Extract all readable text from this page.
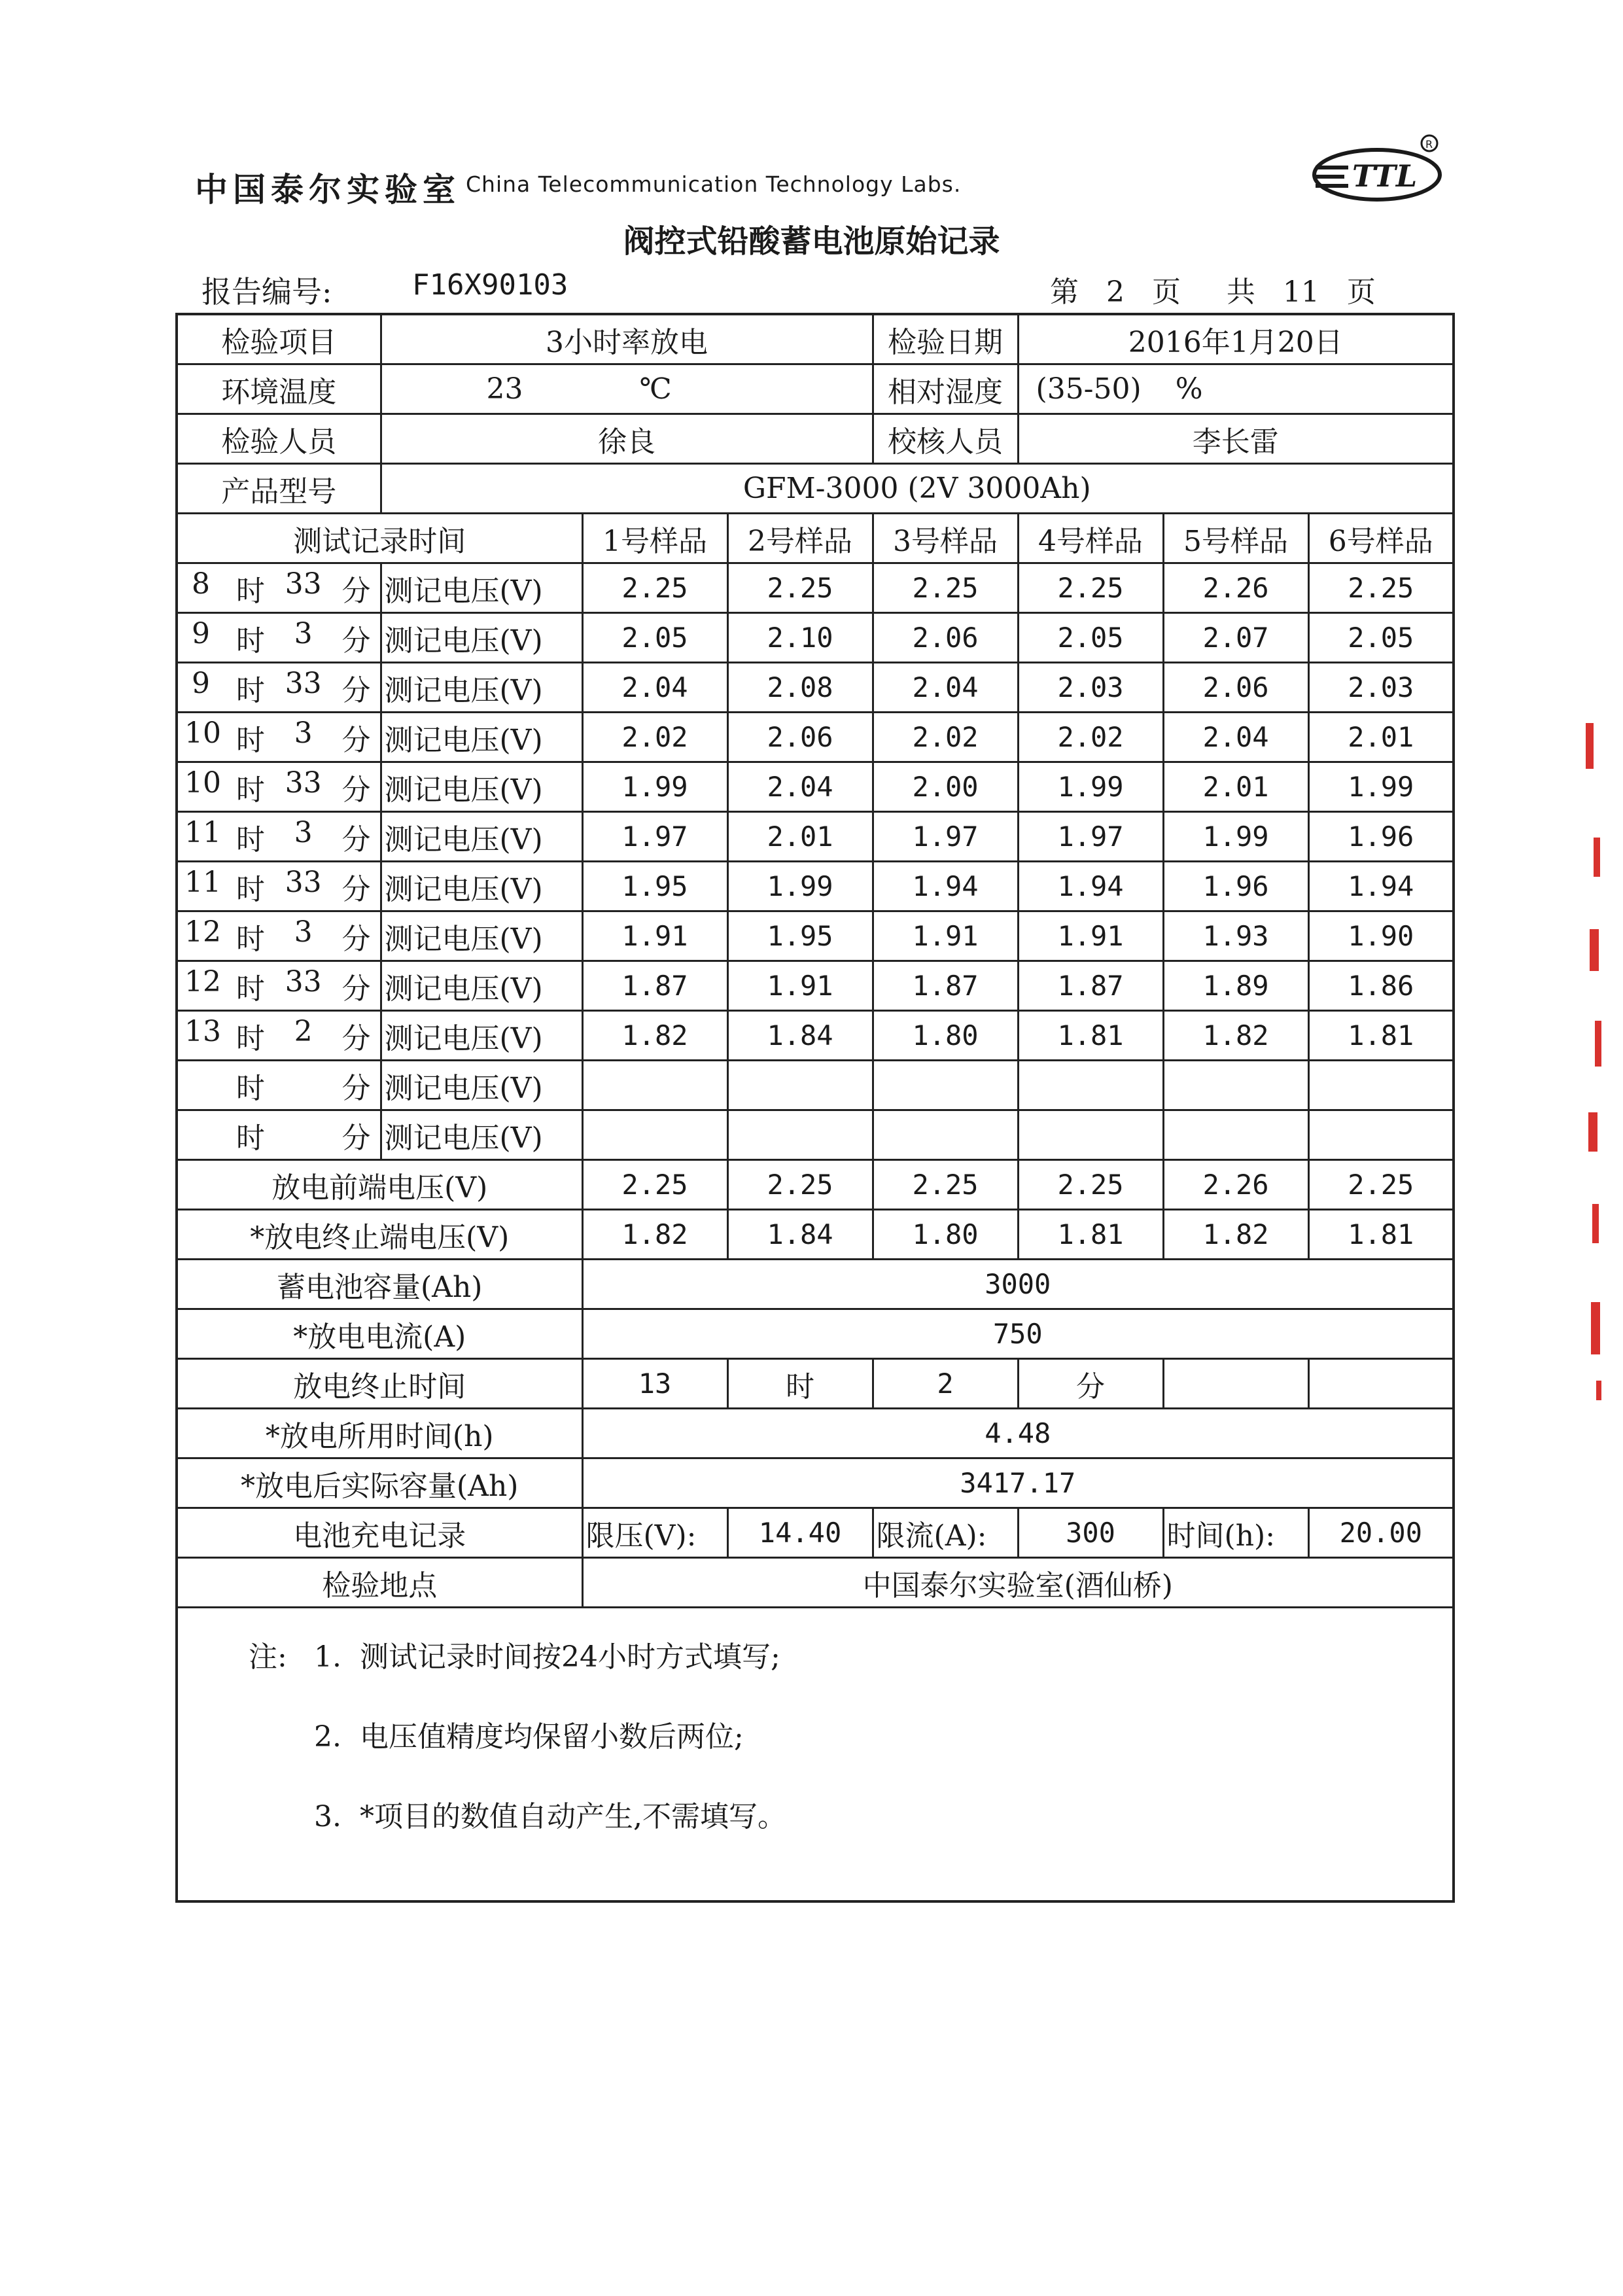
中国泰尔实验室 China Telecommunication Technology Labs.	TTL
R
阀控式铅酸蓄电池原始记录
报告编号:	F16X90103	第 2 页 共 11 页
检验项目	3小时率放电			检验日期	2016年1月20日		
环境温度	23 ℃			相对湿度	(35-50) %		
检验人员	徐良			校核人员	李长雷		
产品型号	GFM-3000 (2V 3000Ah)						
测试记录时间		1号样品	2号样品	3号样品	4号样品	5号样品	6号样品

8 时 33 分	测记电压(V)	2.25	2.25	2.25	2.25	2.26	2.25

9 时 3 分	测记电压(V)	2.05	2.10	2.06	2.05	2.07	2.05

9 时 33 分	测记电压(V)	2.04	2.08	2.04	2.03	2.06	2.03

10 时 3 分	测记电压(V)	2.02	2.06	2.02	2.02	2.04	2.01

10 时 33 分	测记电压(V)	1.99	2.04	2.00	1.99	2.01	1.99

11 时 3 分	测记电压(V)	1.97	2.01	1.97	1.97	1.99	1.96

11 时 33 分	测记电压(V)	1.95	1.99	1.94	1.94	1.96	1.94

12 时 3 分	测记电压(V)	1.91	1.95	1.91	1.91	1.93	1.90

12 时 33 分	测记电压(V)	1.87	1.91	1.87	1.87	1.89	1.86

13 时 2 分	测记电压(V)	1.82	1.84	1.80	1.81	1.82	1.81

时 分	测记电压(V)						

时 分	测记电压(V)						
放电前端电压(V)		2.25	2.25	2.25	2.25	2.26	2.25
*放电终止端电压(V)		1.82	1.84	1.80	1.81	1.82	1.81
蓄电池容量(Ah)		3000					
*放电电流(A)		750					
放电终止时间		13	时	2	分		
*放电所用时间(h)		4.48					
*放电后实际容量(Ah)		3417.17					
电池充电记录		限压(V):	14.40	限流(A):	300	时间(h):	20.00
检验地点		中国泰尔实验室(酒仙桥)					

注: 1.  测试记录时间按24小时方式填写;
2.  电压值精度均保留小数后两位;
3.  *项目的数值自动产生,不需填写。							
